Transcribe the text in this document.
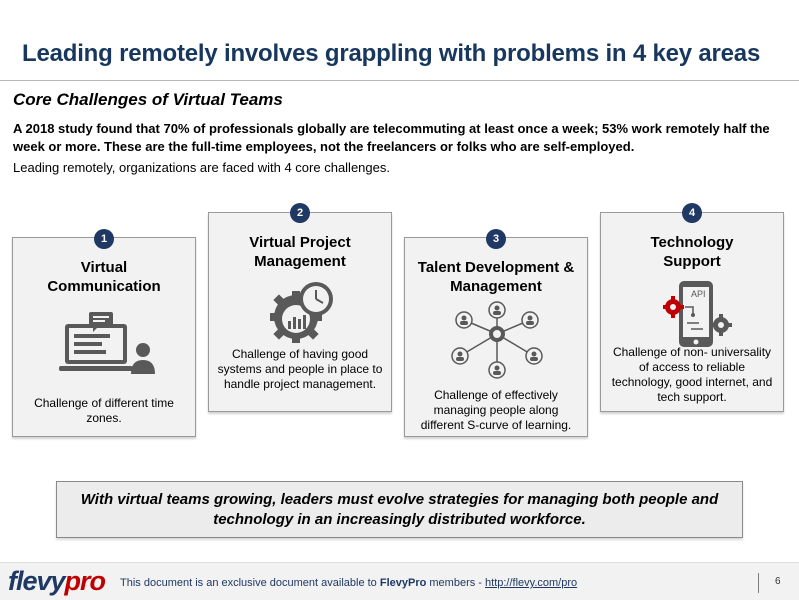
Leading remotely involves grappling with problems in 4 key areas
Core Challenges of Virtual Teams
A 2018 study found that 70% of professionals globally are telecommuting at least once a week; 53% work remotely half the week or more. These are the full-time employees, not the freelancers or folks who are self-employed.
Leading remotely, organizations are faced with 4 core challenges.
Virtual Communication
Challenge of different time zones.
1	Virtual Project Management
Challenge of having good systems and people in place to handle project management.
2
Talent Development & Management
Challenge of effectively managing people along different S-curve of learning.
3	Technology Support
API
Challenge of non- universality of access to reliable technology, good internet, and tech support.
4
With virtual teams growing, leaders must evolve strategies for managing both people and technology in an increasingly distributed workforce.
flevypro This document is an exclusive document available to FlevyPro members - http://flevy.com/pro	6
